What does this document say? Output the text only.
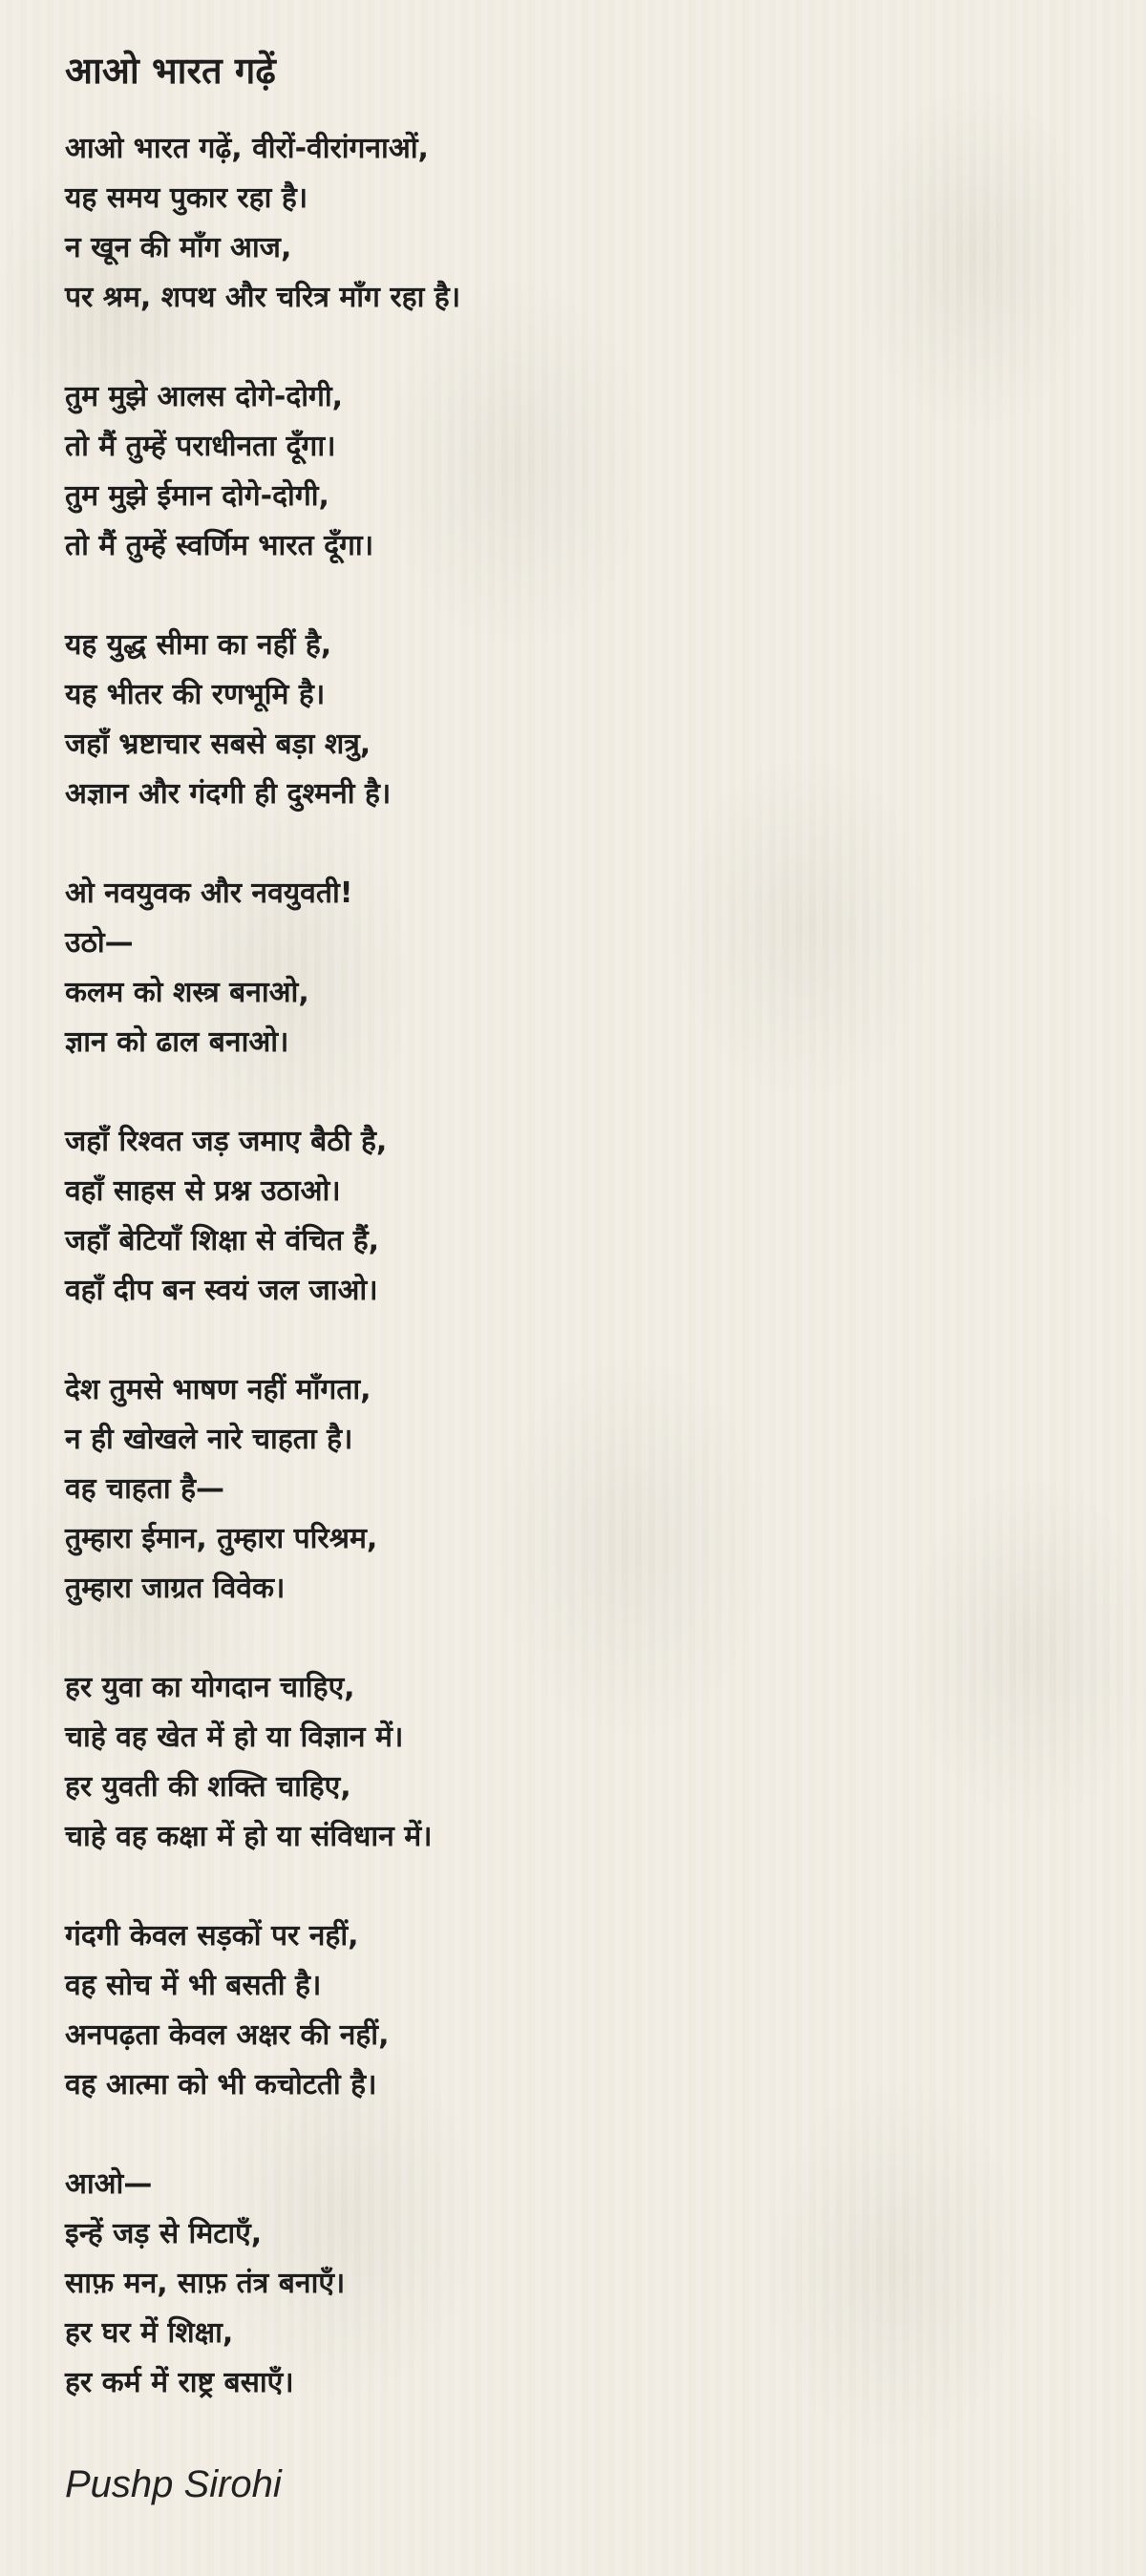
आओ भारत गढ़ें
आओ भारत गढ़ें, वीरों-वीरांगनाओं,
यह समय पुकार रहा है।
न खून की माँग आज,
पर श्रम, शपथ और चरित्र माँग रहा है।
तुम मुझे आलस दोगे-दोगी,
तो मैं तुम्हें पराधीनता दूँगा।
तुम मुझे ईमान दोगे-दोगी,
तो मैं तुम्हें स्वर्णिम भारत दूँगा।
यह युद्ध सीमा का नहीं है,
यह भीतर की रणभूमि है।
जहाँ भ्रष्टाचार सबसे बड़ा शत्रु,
अज्ञान और गंदगी ही दुश्मनी है।
ओ नवयुवक और नवयुवती!
उठो—
कलम को शस्त्र बनाओ,
ज्ञान को ढाल बनाओ।
जहाँ रिश्वत जड़ जमाए बैठी है,
वहाँ साहस से प्रश्न उठाओ।
जहाँ बेटियाँ शिक्षा से वंचित हैं,
वहाँ दीप बन स्वयं जल जाओ।
देश तुमसे भाषण नहीं माँगता,
न ही खोखले नारे चाहता है।
वह चाहता है—
तुम्हारा ईमान, तुम्हारा परिश्रम,
तुम्हारा जाग्रत विवेक।
हर युवा का योगदान चाहिए,
चाहे वह खेत में हो या विज्ञान में।
हर युवती की शक्ति चाहिए,
चाहे वह कक्षा में हो या संविधान में।
गंदगी केवल सड़कों पर नहीं,
वह सोच में भी बसती है।
अनपढ़ता केवल अक्षर की नहीं,
वह आत्मा को भी कचोटती है।
आओ—
इन्हें जड़ से मिटाएँ,
साफ़ मन, साफ़ तंत्र बनाएँ।
हर घर में शिक्षा,
हर कर्म में राष्ट्र बसाएँ।
Pushp Sirohi
